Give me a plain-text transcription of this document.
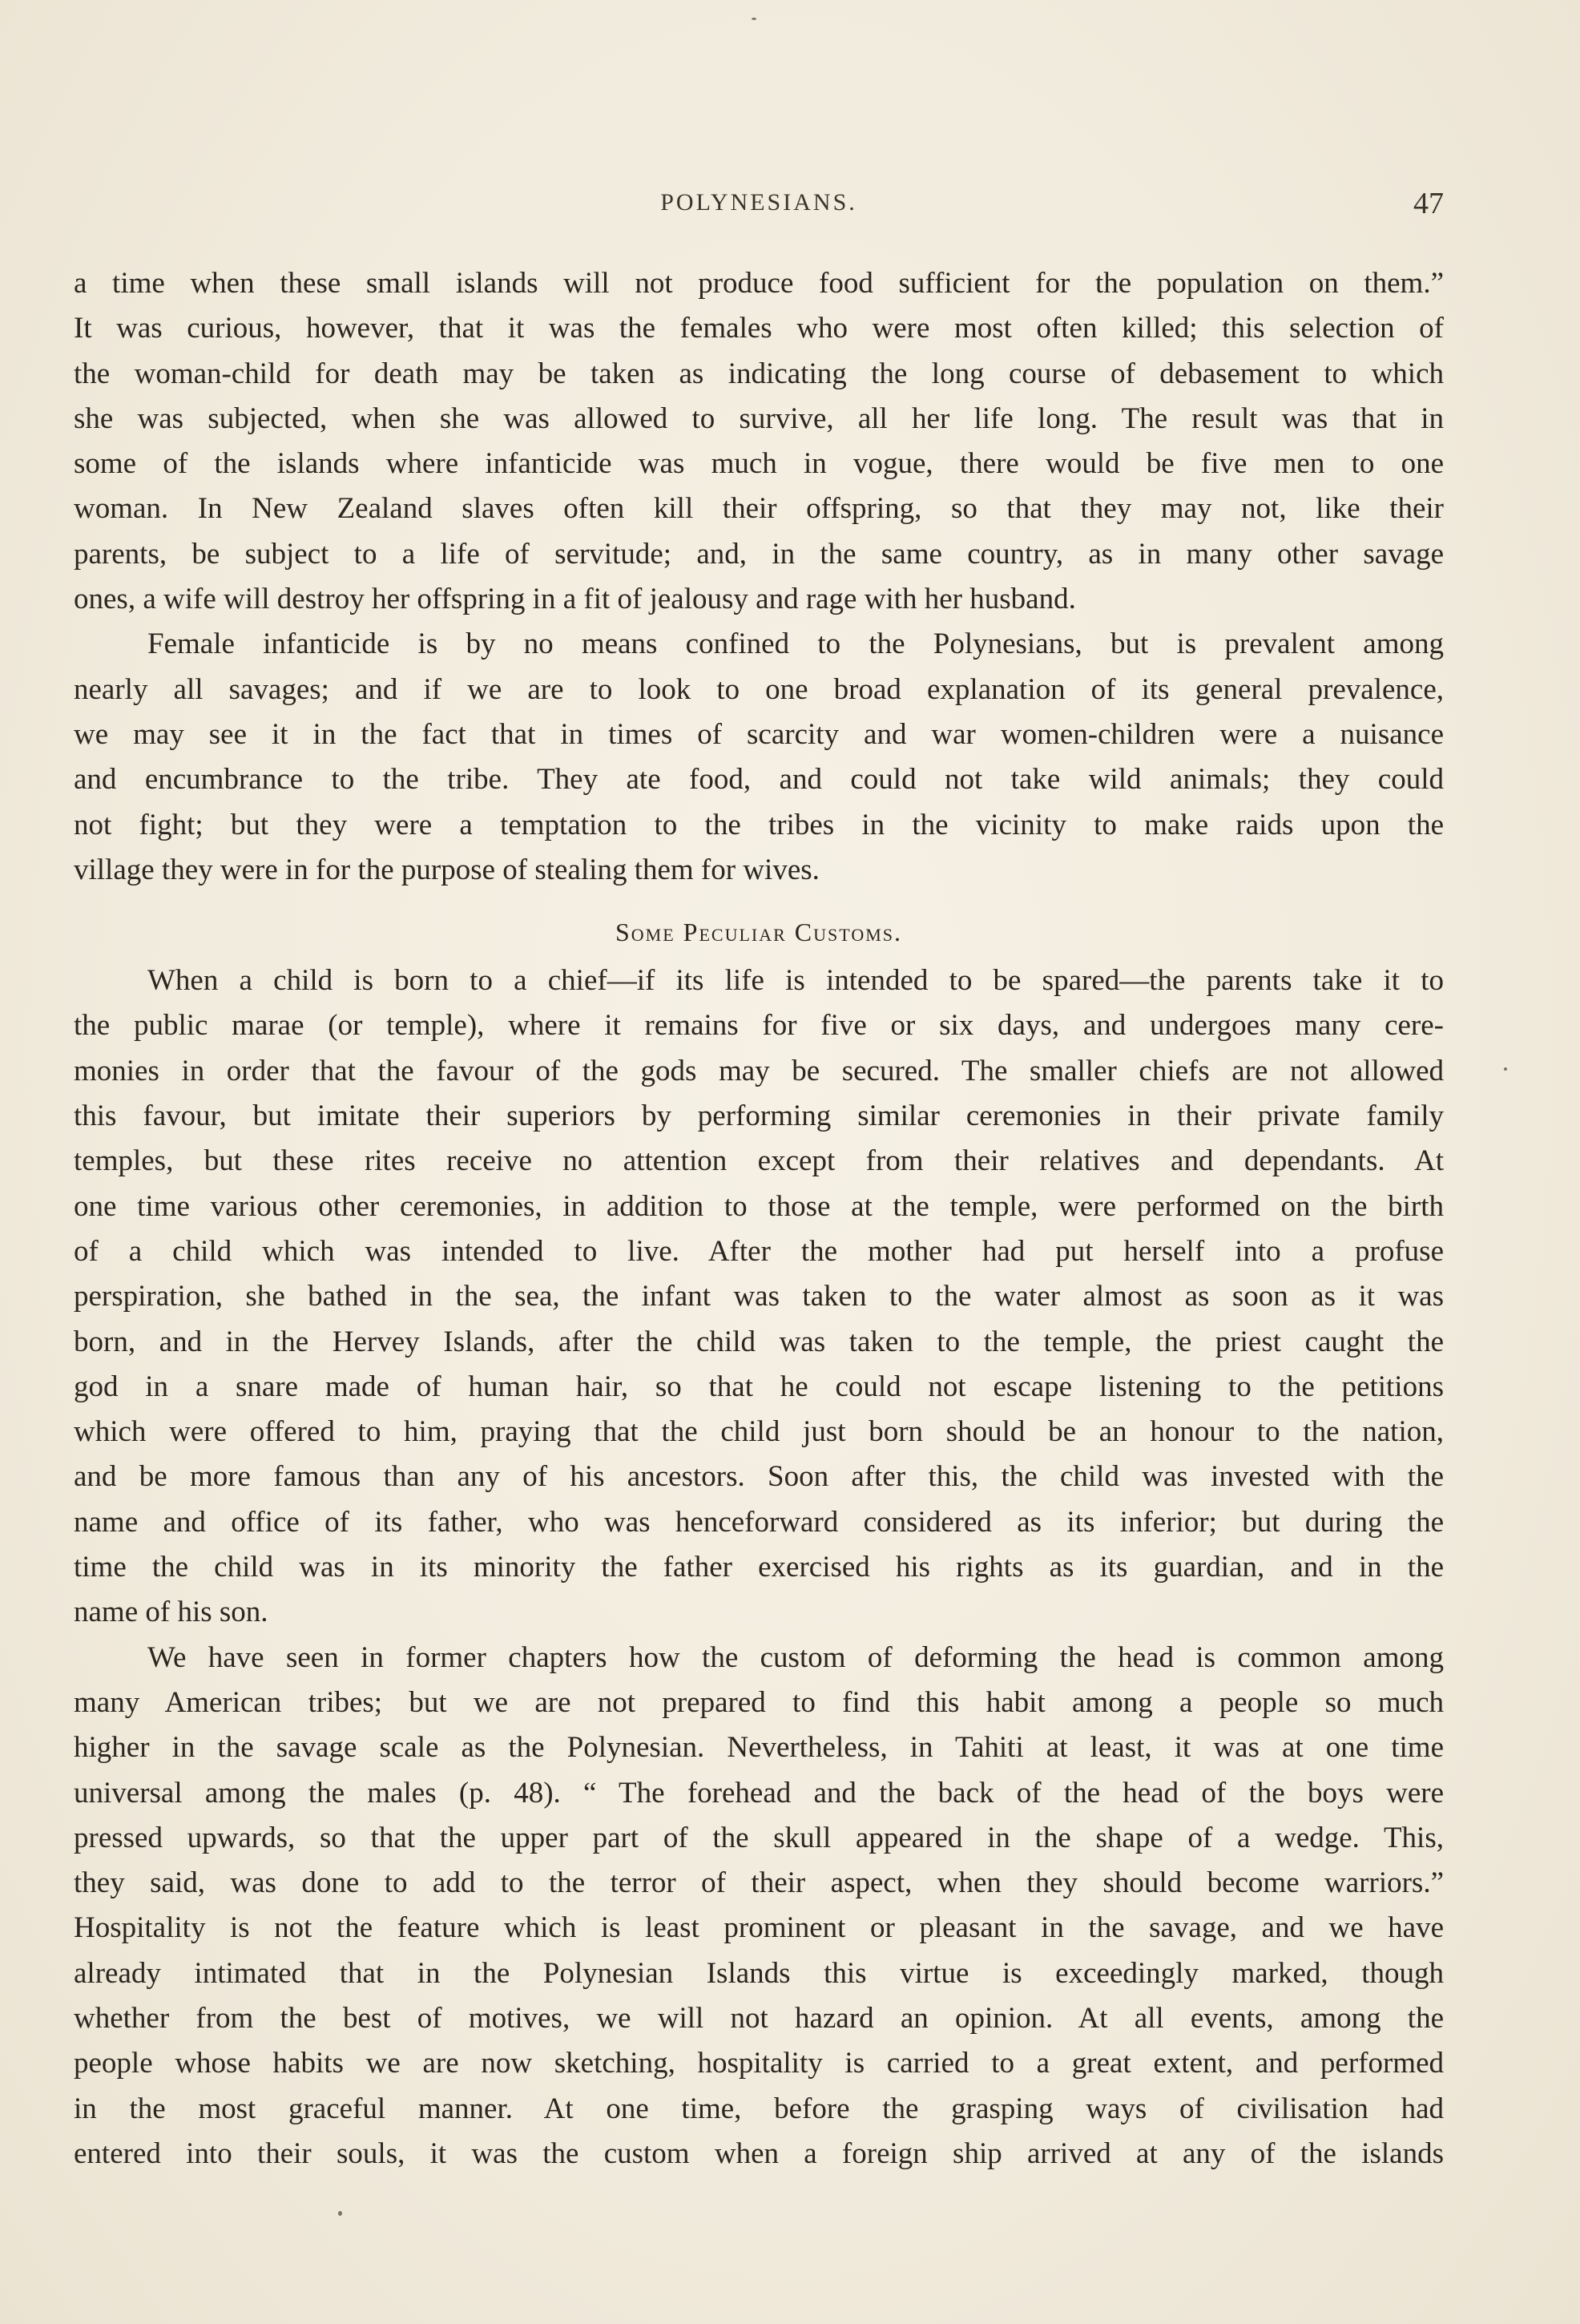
POLYNESIANS.	47
a time when these small islands will not produce food sufficient for the population on them.”
It was curious, however, that it was the females who were most often killed; this selection of
the woman-child for death may be taken as indicating the long course of debasement to which
she was subjected, when she was allowed to survive, all her life long. The result was that in
some of the islands where infanticide was much in vogue, there would be five men to one
woman. In New Zealand slaves often kill their offspring, so that they may not, like their
parents, be subject to a life of servitude; and, in the same country, as in many other savage
ones, a wife will destroy her offspring in a fit of jealousy and rage with her husband.
Female infanticide is by no means confined to the Polynesians, but is prevalent among
nearly all savages; and if we are to look to one broad explanation of its general prevalence,
we may see it in the fact that in times of scarcity and war women-children were a nuisance
and encumbrance to the tribe. They ate food, and could not take wild animals; they could
not fight; but they were a temptation to the tribes in the vicinity to make raids upon the
village they were in for the purpose of stealing them for wives.
Some Peculiar Customs.
When a child is born to a chief—if its life is intended to be spared—the parents take it to
the public marae (or temple), where it remains for five or six days, and undergoes many cere-
monies in order that the favour of the gods may be secured. The smaller chiefs are not allowed
this favour, but imitate their superiors by performing similar ceremonies in their private family
temples, but these rites receive no attention except from their relatives and dependants. At
one time various other ceremonies, in addition to those at the temple, were performed on the birth
of a child which was intended to live. After the mother had put herself into a profuse
perspiration, she bathed in the sea, the infant was taken to the water almost as soon as it was
born, and in the Hervey Islands, after the child was taken to the temple, the priest caught the
god in a snare made of human hair, so that he could not escape listening to the petitions
which were offered to him, praying that the child just born should be an honour to the nation,
and be more famous than any of his ancestors. Soon after this, the child was invested with the
name and office of its father, who was henceforward considered as its inferior; but during the
time the child was in its minority the father exercised his rights as its guardian, and in the
name of his son.
We have seen in former chapters how the custom of deforming the head is common among
many American tribes; but we are not prepared to find this habit among a people so much
higher in the savage scale as the Polynesian. Nevertheless, in Tahiti at least, it was at one time
universal among the males (p. 48). “ The forehead and the back of the head of the boys were
pressed upwards, so that the upper part of the skull appeared in the shape of a wedge. This,
they said, was done to add to the terror of their aspect, when they should become warriors.”
Hospitality is not the feature which is least prominent or pleasant in the savage, and we have
already intimated that in the Polynesian Islands this virtue is exceedingly marked, though
whether from the best of motives, we will not hazard an opinion. At all events, among the
people whose habits we are now sketching, hospitality is carried to a great extent, and performed
in the most graceful manner. At one time, before the grasping ways of civilisation had
entered into their souls, it was the custom when a foreign ship arrived at any of the islands
